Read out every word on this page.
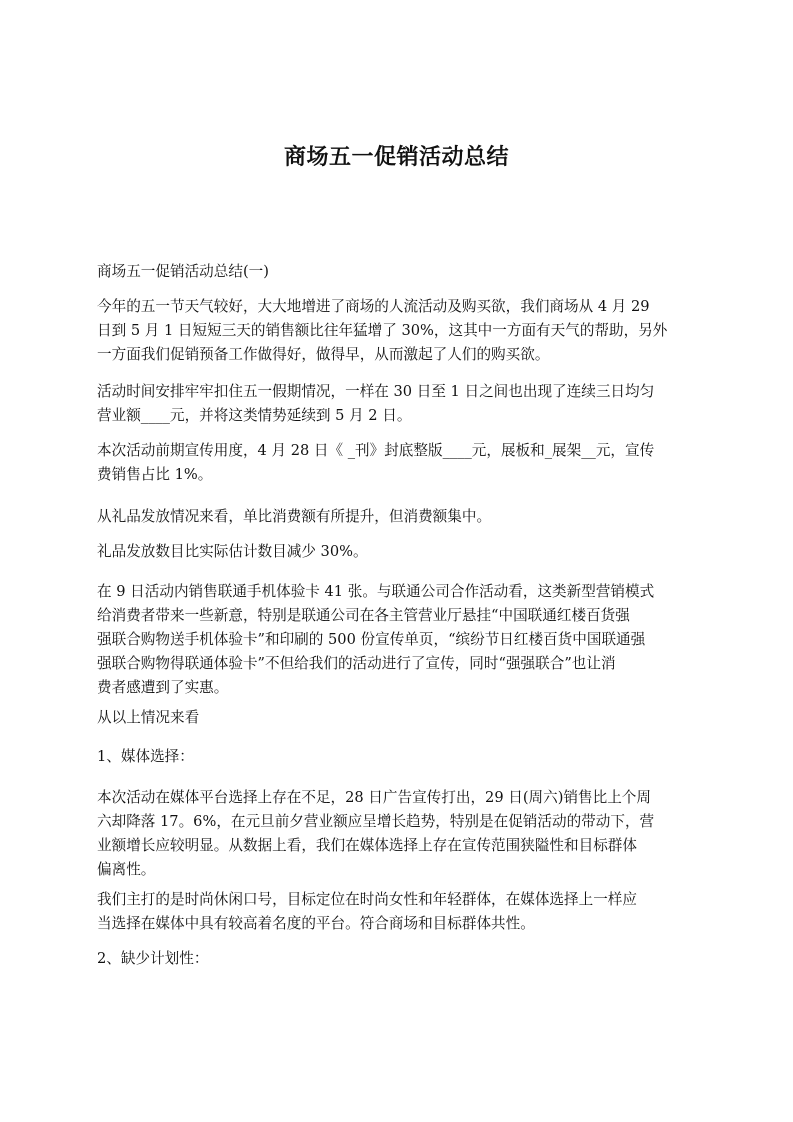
商场五一促销活动总结

商场五一促销活动总结(一)

今年的五一节天气较好，大大地增进了商场的人流活动及购买欲，我们商场从 4 月 29
日到 5 月 1 日短短三天的销售额比往年猛增了 30%，这其中一方面有天气的帮助，另外
一方面我们促销预备工作做得好，做得早，从而激起了人们的购买欲。

活动时间安排牢牢扣住五一假期情况，一样在 30 日至 1 日之间也出现了连续三日均匀
营业额____元，并将这类情势延续到 5 月 2 日。

本次活动前期宣传用度，4 月 28 日《 _刊》封底整版____元，展板和_展架__元，宣传
费销售占比 1%。

从礼品发放情况来看，单比消费额有所提升，但消费额集中。

礼品发放数目比实际估计数目减少 30%。

在 9 日活动内销售联通手机体验卡 41 张。与联通公司合作活动看，这类新型营销模式
给消费者带来一些新意，特别是联通公司在各主管营业厅悬挂“中国联通红楼百货强
强联合购物送手机体验卡”和印刷的 500 份宣传单页，“缤纷节日红楼百货中国联通强
强联合购物得联通体验卡”不但给我们的活动进行了宣传，同时“强强联合”也让消
费者感遭到了实惠。

从以上情况来看

1、媒体选择：

本次活动在媒体平台选择上存在不足，28 日广告宣传打出，29 日(周六)销售比上个周
六却降落 17。6%，在元旦前夕营业额应呈增长趋势，特别是在促销活动的带动下，营
业额增长应较明显。从数据上看，我们在媒体选择上存在宣传范围狭隘性和目标群体
偏离性。

我们主打的是时尚休闲口号，目标定位在时尚女性和年轻群体，在媒体选择上一样应
当选择在媒体中具有较高着名度的平台。符合商场和目标群体共性。

2、缺少计划性：
